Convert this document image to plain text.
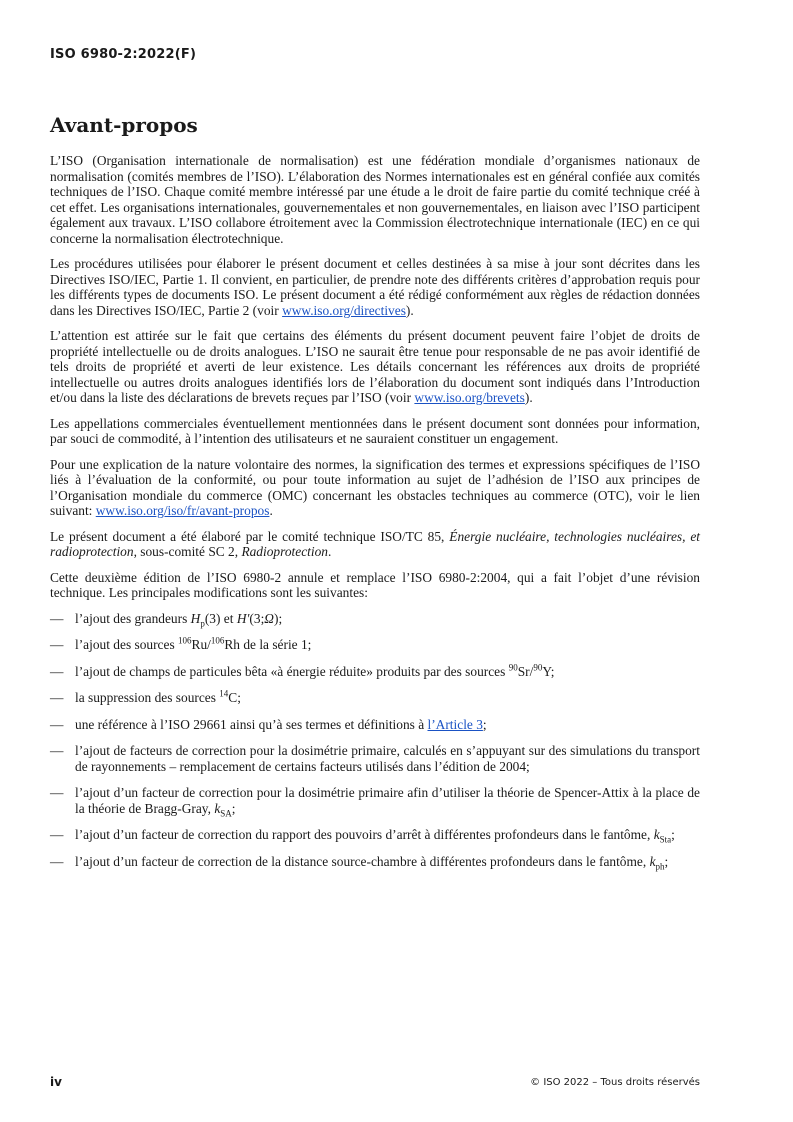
ISO 6980-2:2022(F)
Avant-propos

L’ISO (Organisation internationale de normalisation) est une fédération mondiale d’organismes nationaux de normalisation (comités membres de l’ISO). L’élaboration des Normes internationales est en général confiée aux comités techniques de l’ISO. Chaque comité membre intéressé par une étude a le droit de faire partie du comité technique créé à cet effet. Les organisations internationales, gouvernementales et non gouvernementales, en liaison avec l’ISO participent également aux travaux. L’ISO collabore étroitement avec la Commission électrotechnique internationale (IEC) en ce qui concerne la normalisation électrotechnique.

Les procédures utilisées pour élaborer le présent document et celles destinées à sa mise à jour sont décrites dans les Directives ISO/IEC, Partie 1. Il convient, en particulier, de prendre note des différents critères d’approbation requis pour les différents types de documents ISO. Le présent document a été rédigé conformément aux règles de rédaction données dans les Directives ISO/IEC, Partie 2 (voir www.iso.org/directives).

L’attention est attirée sur le fait que certains des éléments du présent document peuvent faire l’objet de droits de propriété intellectuelle ou de droits analogues. L’ISO ne saurait être tenue pour responsable de ne pas avoir identifié de tels droits de propriété et averti de leur existence. Les détails concernant les références aux droits de propriété intellectuelle ou autres droits analogues identifiés lors de l’élaboration du document sont indiqués dans l’Introduction et/ou dans la liste des déclarations de brevets reçues par l’ISO (voir www.iso.org/brevets).

Les appellations commerciales éventuellement mentionnées dans le présent document sont données pour information, par souci de commodité, à l’intention des utilisateurs et ne sauraient constituer un engagement.

Pour une explication de la nature volontaire des normes, la signification des termes et expressions spécifiques de l’ISO liés à l’évaluation de la conformité, ou pour toute information au sujet de l’adhésion de l’ISO aux principes de l’Organisation mondiale du commerce (OMC) concernant les obstacles techniques au commerce (OTC), voir le lien suivant: www.iso.org/iso/fr/avant-propos.

Le présent document a été élaboré par le comité technique ISO/TC 85, Énergie nucléaire, technologies nucléaires, et radioprotection, sous-comité SC 2, Radioprotection.

Cette deuxième édition de l’ISO 6980-2 annule et remplace l’ISO 6980-2:2004, qui a fait l’objet d’une révision technique. Les principales modifications sont les suivantes:

— l’ajout des grandeurs $H_p(3)$ et H′(3;Ω);
— l’ajout des sources $^{106}$Ru/$^{106}$Rh de la série 1;
— l’ajout de champs de particules bêta «à énergie réduite» produits par des sources $^{90}$Sr/$^{90}$Y;
— la suppression des sources $^{14}$C;
— une référence à l’ISO 29661 ainsi qu’à ses termes et définitions à l’Article 3;
— l’ajout de facteurs de correction pour la dosimétrie primaire, calculés en s’appuyant sur des simulations du transport de rayonnements – remplacement de certains facteurs utilisés dans l’édition de 2004;
— l’ajout d’un facteur de correction pour la dosimétrie primaire afin d’utiliser la théorie de Spencer-Attix à la place de la théorie de Bragg-Gray, $k_{SA}$;
— l’ajout d’un facteur de correction du rapport des pouvoirs d’arrêt à différentes profondeurs dans le fantôme, $k_{Sta}$;
— l’ajout d’un facteur de correction de la distance source-chambre à différentes profondeurs dans le fantôme, $k_{ph}$;
iv	© ISO 2022 – Tous droits réservés
